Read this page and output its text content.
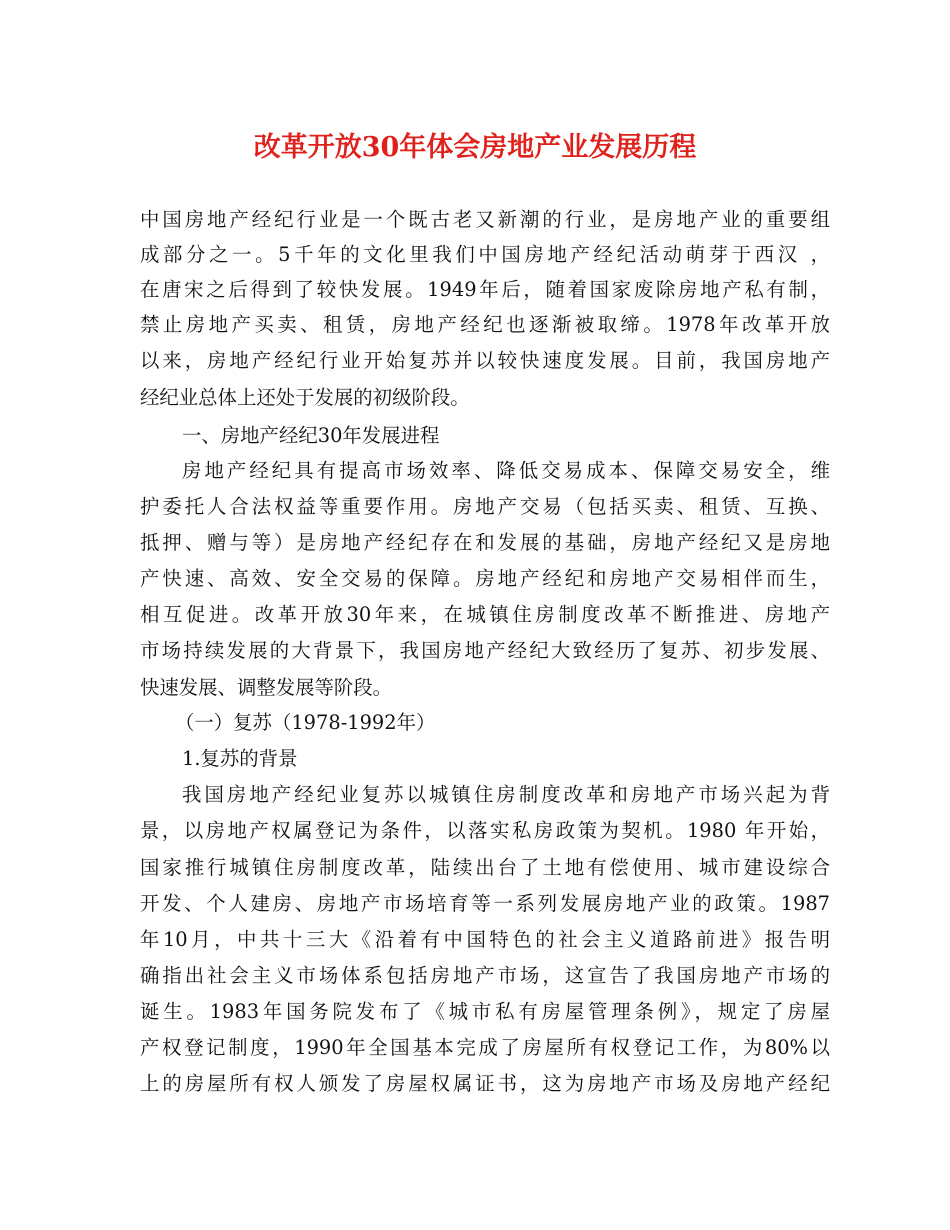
改革开放30年体会房地产业发展历程
中国房地产经纪行业是一个既古老又新潮的行业，是房地产业的重要组
成部分之一。5千年的文化里我们中国房地产经纪活动萌芽于西汉 ，
在唐宋之后得到了较快发展。1949年后，随着国家废除房地产私有制，
禁止房地产买卖、租赁，房地产经纪也逐渐被取缔。1978年改革开放
以来，房地产经纪行业开始复苏并以较快速度发展。目前，我国房地产
经纪业总体上还处于发展的初级阶段。
一、房地产经纪30年发展进程
房地产经纪具有提高市场效率、降低交易成本、保障交易安全，维
护委托人合法权益等重要作用。房地产交易（包括买卖、租赁、互换、
抵押、赠与等）是房地产经纪存在和发展的基础，房地产经纪又是房地
产快速、高效、安全交易的保障。房地产经纪和房地产交易相伴而生，
相互促进。改革开放30年来，在城镇住房制度改革不断推进、房地产
市场持续发展的大背景下，我国房地产经纪大致经历了复苏、初步发展、
快速发展、调整发展等阶段。
（一）复苏（1978-1992年）
1.复苏的背景
我国房地产经纪业复苏以城镇住房制度改革和房地产市场兴起为背
景，以房地产权属登记为条件，以落实私房政策为契机。1980 年开始，
国家推行城镇住房制度改革，陆续出台了土地有偿使用、城市建设综合
开发、个人建房、房地产市场培育等一系列发展房地产业的政策。1987
年10月，中共十三大《沿着有中国特色的社会主义道路前进》报告明
确指出社会主义市场体系包括房地产市场，这宣告了我国房地产市场的
诞生。1983年国务院发布了《城市私有房屋管理条例》，规定了房屋
产权登记制度，1990年全国基本完成了房屋所有权登记工作，为80%以
上的房屋所有权人颁发了房屋权属证书，这为房地产市场及房地产经纪
